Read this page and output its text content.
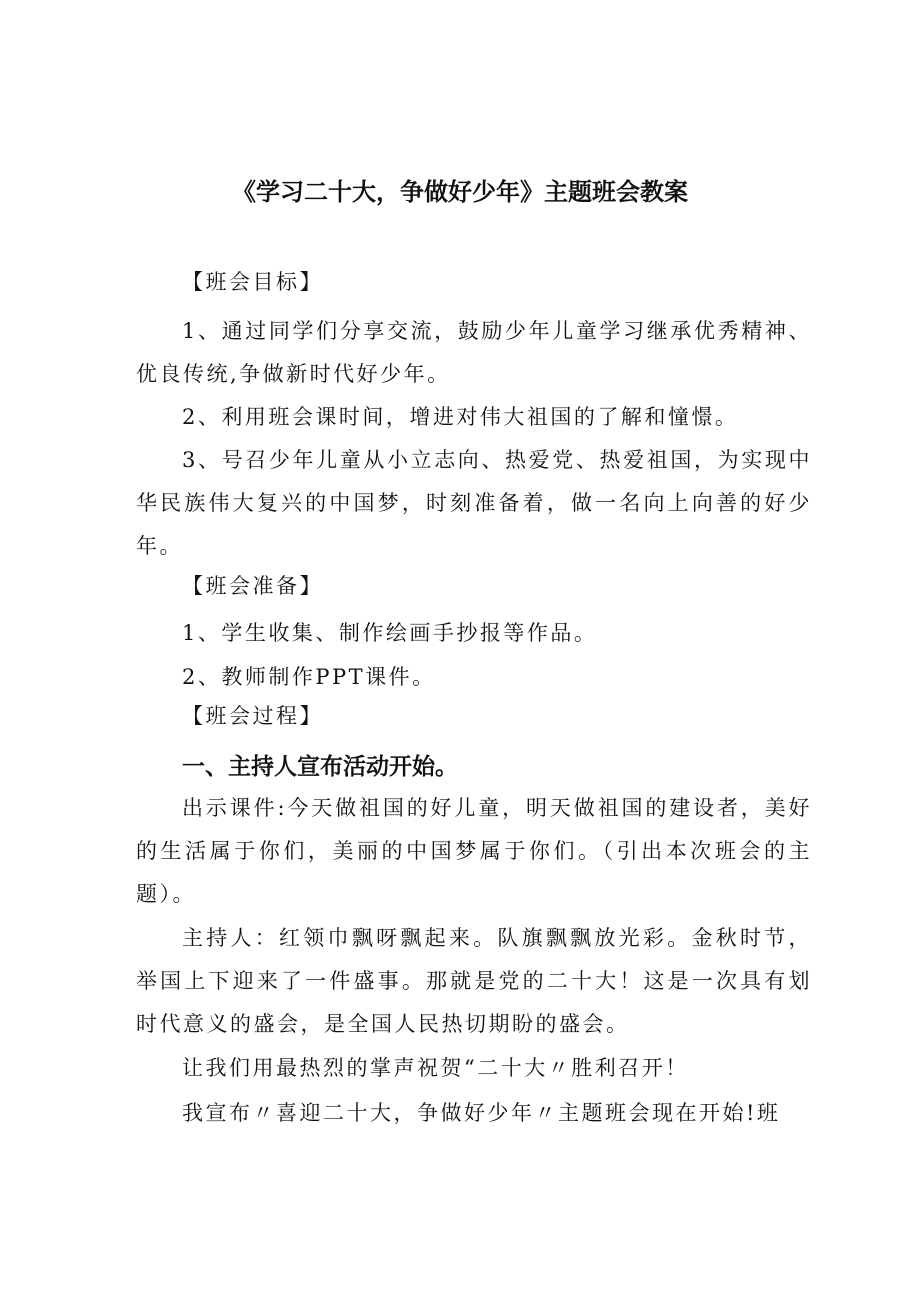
《学习二十大，争做好少年》主题班会教案

【班会目标】

1、通过同学们分享交流，鼓励少年儿童学习继承优秀精神、优良传统,争做新时代好少年。

2、利用班会课时间，增进对伟大祖国的了解和憧憬。

3、号召少年儿童从小立志向、热爱党、热爱祖国，为实现中华民族伟大复兴的中国梦，时刻准备着，做一名向上向善的好少年。

【班会准备】

1、学生收集、制作绘画手抄报等作品。

2、教师制作PPT课件。

【班会过程】

一、主持人宣布活动开始。

出示课件:今天做祖国的好儿童，明天做祖国的建设者，美好的生活属于你们，美丽的中国梦属于你们。（引出本次班会的主题）。

主持人：红领巾飘呀飘起来。队旗飘飘放光彩。金秋时节，举国上下迎来了一件盛事。那就是党的二十大！这是一次具有划时代意义的盛会，是全国人民热切期盼的盛会。

让我们用最热烈的掌声祝贺“二十大〃胜利召开！

我宣布〃喜迎二十大，争做好少年〃主题班会现在开始!班
